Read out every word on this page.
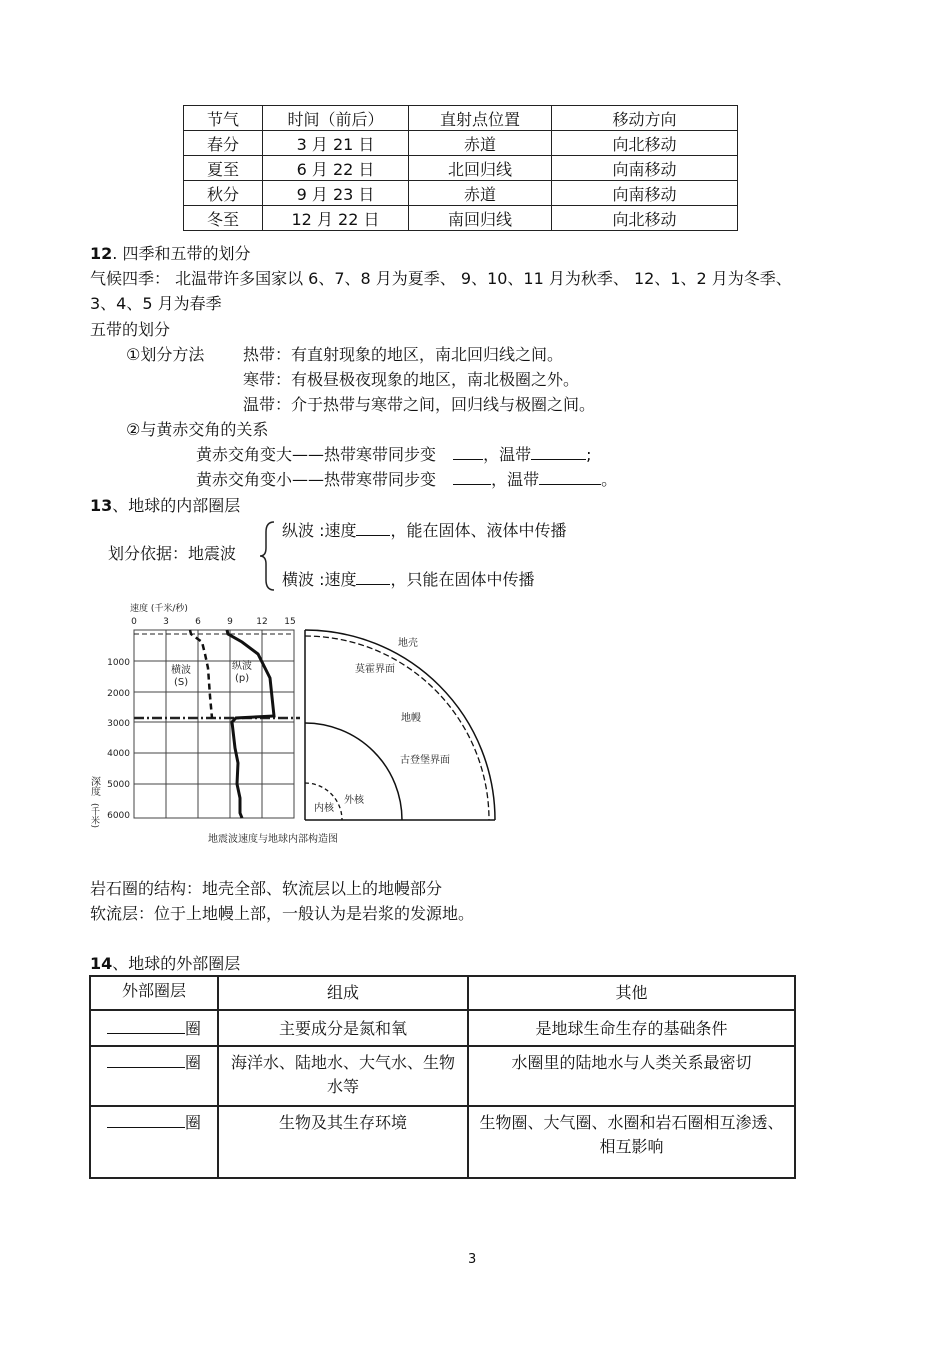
节气	时间（前后）	直射点位置	移动方向
春分	3 月 21 日	赤道	向北移动
夏至	6 月 22 日	北回归线	向南移动
秋分	9 月 23 日	赤道	向南移动
冬至	12 月 22 日	南回归线	向北移动
12. 四季和五带的划分
气候四季： 北温带许多国家以 6、7、8 月为夏季、 9、10、11 月为秋季、 12、1、2 月为冬季、
3、4、5 月为春季
五带的划分
①划分方法 热带：有直射现象的地区，南北回归线之间。
寒带：有极昼极夜现象的地区，南北极圈之外。
温带：介于热带与寒带之间，回归线与极圈之间。
②与黄赤交角的关系
黄赤交角变大——热带寒带同步变	，温带	;
黄赤交角变小——热带寒带同步变	，温带	。
13、地球的内部圈层
划分依据：地震波
纵波 :速度 ，能在固体、液体中传播
横波 :速度 ，只能在固体中传播
速度 (千米/秒)
0	3	6	9	12 15
1000
2000
3000
4000
5000
6000
深度
(千米)
横波
(S)
纵波
(p)
地壳
莫霍界面
地幔
古登堡界面
外核
内核
地震波速度与地球内部构造图
岩石圈的结构：地壳全部、软流层以上的地幔部分
软流层：位于上地幔上部，一般认为是岩浆的发源地。
14、地球的外部圈层
外部圈层	组成	其他
圈	主要成分是氮和氧	是地球生命生存的基础条件
圈	海洋水、陆地水、大气水、生物水等	水圈里的陆地水与人类关系最密切
圈	生物及其生存环境	生物圈、大气圈、水圈和岩石圈相互渗透、相互影响
3
